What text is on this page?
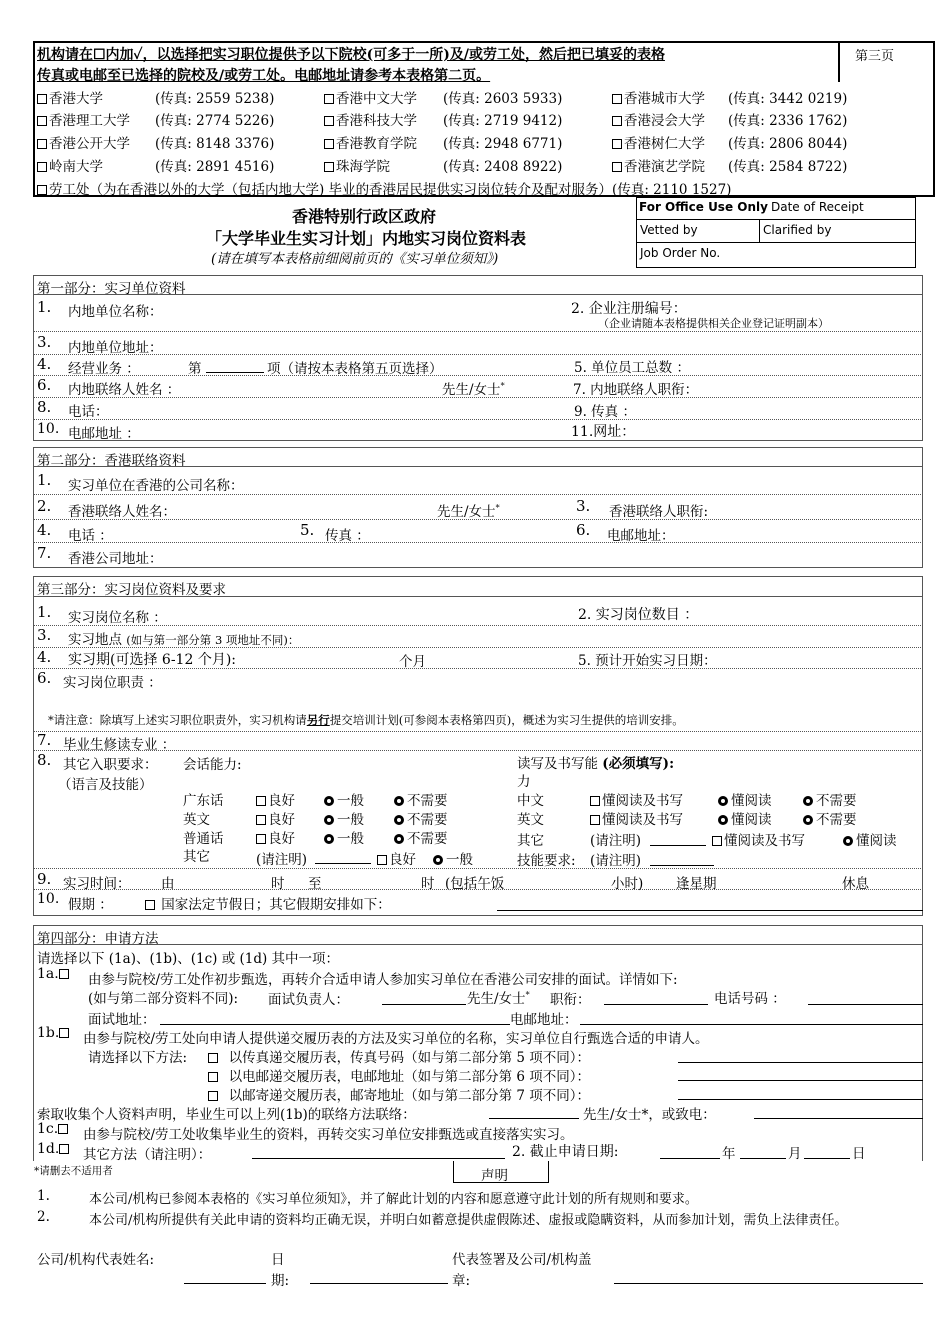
机构请在☐内加✓，以选择把实习职位提供予以下院校(可多于一所)及/或劳工处，然后把已填妥的表格
传真或电邮至已选择的院校及/或劳工处。电邮地址请参考本表格第二页。
第三页
香港大学	(传真: 2559 5238)	香港中文大学 (传真: 2603 5933)	香港城市大学 (传真: 3442 0219)
香港理工大学 (传真: 2774 5226)	香港科技大学 (传真: 2719 9412)	香港浸会大学 (传真: 2336 1762)
香港公开大学 (传真: 8148 3376)	香港教育学院 (传真: 2948 6771)	香港树仁大学 (传真: 2806 8044)
岭南大学	(传真: 2891 4516)	珠海学院	(传真: 2408 8922)	香港演艺学院 (传真: 2584 8722)
劳工处（为在香港以外的大学（包括内地大学) 毕业的香港居民提供实习岗位转介及配对服务）(传真: 2110 1527)
香港特别行政区政府
「大学毕业生实习计划」内地实习岗位资料表
(请在填写本表格前细阅前页的《实习单位须知》)
For Office Use Only Date of Receipt
Vetted by	Clarified by
Job Order No.
第一部分：实习单位资料
1. 内地单位名称：	2. 企业注册编号：
（企业请随本表格提供相关企业登记证明副本）
3. 内地单位地址：
4. 经营业务 ：	第	项（请按本表格第五页选择）	5. 单位员工总数 ：
6. 内地联络人姓名 ：	先生/女士*	7. 内地联络人职衔：
8. 电话：	9. 传真 ：
10. 电邮地址 ：	11.网址：
第二部分：香港联络资料
1. 实习单位在香港的公司名称：
2. 香港联络人姓名：	先生/女士*	3. 香港联络人职衔:
4. 电话 ：	5. 传真 ：	6. 电邮地址：
7. 香港公司地址：
第三部分：实习岗位资料及要求
1. 实习岗位名称 ：	2. 实习岗位数目 ：
3. 实习地点 (如与第一部分第 3 项地址不同)：
4. 实习期(可选择 6-12 个月):	个月	5. 预计开始实习日期：
6. 实习岗位职责 ：
*请注意：除填写上述实习职位职责外，实习机构请另行提交培训计划(可参阅本表格第四页)，概述为实习生提供的培训安排。
7. 毕业生修读专业 ：
8. 其它入职要求：
（语言及技能）
会话能力:	读写及书写能 (必须填写):
力
广东话	良好	一般	不需要
英文	良好	一般	不需要
普通话	良好	一般	不需要
其它	(请注明)	良好	一般
中文	懂阅读及书写	懂阅读	不需要
英文	懂阅读及书写	懂阅读	不需要
其它	(请注明)	懂阅读及书写	懂阅读
技能要求: (请注明)
9. 实习时间： 由	时 至	时 (包括午饭	小时) 逢星期	休息
10. 假期 ：	国家法定节假日；其它假期安排如下：
第四部分：申请方法
请选择以下 (1a)、(1b)、(1c) 或 (1d) 其中一项：
1a.	由参与院校/劳工处作初步甄选，再转介合适申请人参加实习单位在香港公司安排的面试。详情如下:
(如与第二部分资料不同): 面试负责人：	先生/女士* 职衔：	电话号码 ：
面试地址：	电邮地址：
1b.	由参与院校/劳工处向申请人提供递交履历表的方法及实习单位的名称，实习单位自行甄选合适的申请人。
请选择以下方法:	以传真递交履历表，传真号码（如与第二部分第 5 项不同）：
以电邮递交履历表，电邮地址（如与第二部分第 6 项不同）：
以邮寄递交履历表，邮寄地址（如与第二部分第 7 项不同）：
索取收集个人资料声明，毕业生可以上列(1b)的联络方法联络：	先生/女士*，或致电：
1c.	由参与院校/劳工处收集毕业生的资料，再转交实习单位安排甄选或直接落实实习。
1d.	其它方法（请注明）：	2. 截止申请日期:	年	月	日
*请删去不适用者	声明
1.	本公司/机构已参阅本表格的《实习单位须知》，并了解此计划的内容和愿意遵守此计划的所有规则和要求。
2.	本公司/机构所提供有关此申请的资料均正确无误，并明白如蓄意提供虚假陈述、虚报或隐瞒资料，从而参加计划，需负上法律责任。
公司/机构代表姓名:	日
期:
代表签署及公司/机构盖
章:
